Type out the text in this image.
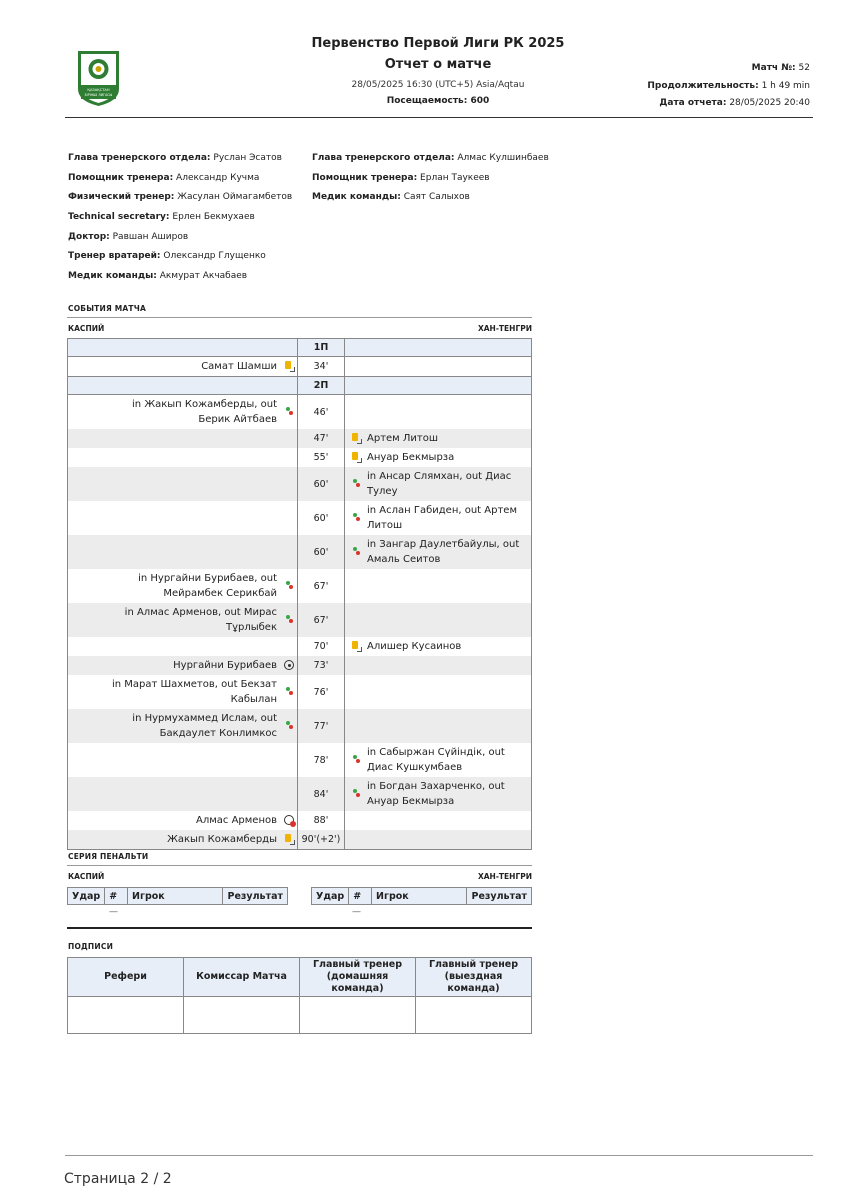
ҚАЗАҚСТАН
БІРІНШІ ЛИГАСЫ
Первенство Первой Лиги РК 2025
Отчет о матче
28/05/2025 16:30 (UTC+5) Asia/Aqtau
Посещаемость: 600
Матч №: 52
Продолжительность: 1 h 49 min
Дата отчета: 28/05/2025 20:40
Глава тренерского отдела: Руслан Эсатов
Помощник тренера: Александр Кучма
Физический тренер: Жасулан Оймагамбетов
Technical secretary: Ерлен Бекмухаев
Доктор: Равшан Аширов
Тренер вратарей: Олександр Глущенко
Медик команды: Акмурат Акчабаев
Глава тренерского отдела: Алмас Кулшинбаев
Помощник тренера: Ерлан Таукеев
Медик команды: Саят Салыхов
СОБЫТИЯ МАТЧА
КАСПИЙ	ХАН-ТЕНГРИ
		1П		
Самат Шамши		34'		
		2П		
in Жакып Кожамберды, out Берик Айтбаев		46'		
		47'		Артем Литош
		55'		Ануар Бекмырза
		60'		in Ансар Слямхан, out Диас Тулеу
		60'		in Аслан Габиден, out Артем Литош
		60'		in Зангар Даулетбайулы, out Амаль Сеитов
in Нургайни Бурибаев, out Мейрамбек Серикбай		67'		
in Алмас Арменов, out Мирас Тұрлыбек		67'		
		70'		Алишер Кусаинов
Нургайни Бурибаев		73'		
in Марат Шахметов, out Бекзат Кабылан		76'		
in Нурмухаммед Ислам, out Бакдаулет Конлимкос		77'		
		78'		in Сабыржан Сүйіндік, out Диас Кушкумбаев
		84'		in Богдан Захарченко, out Ануар Бекмырза
Алмас Арменов		88'		
Жакып Кожамберды		90'(+2')		
СЕРИЯ ПЕНАЛЬТИ
КАСПИЙ	ХАН-ТЕНГРИ
Удар	#	Игрок	Результат	Удар	#	Игрок	Результат
—	—
ПОДПИСИ
Рефери	Комиссар Матча	Главный тренер (домашняя команда)	Главный тренер (выездная команда)

Страница 2 / 2
